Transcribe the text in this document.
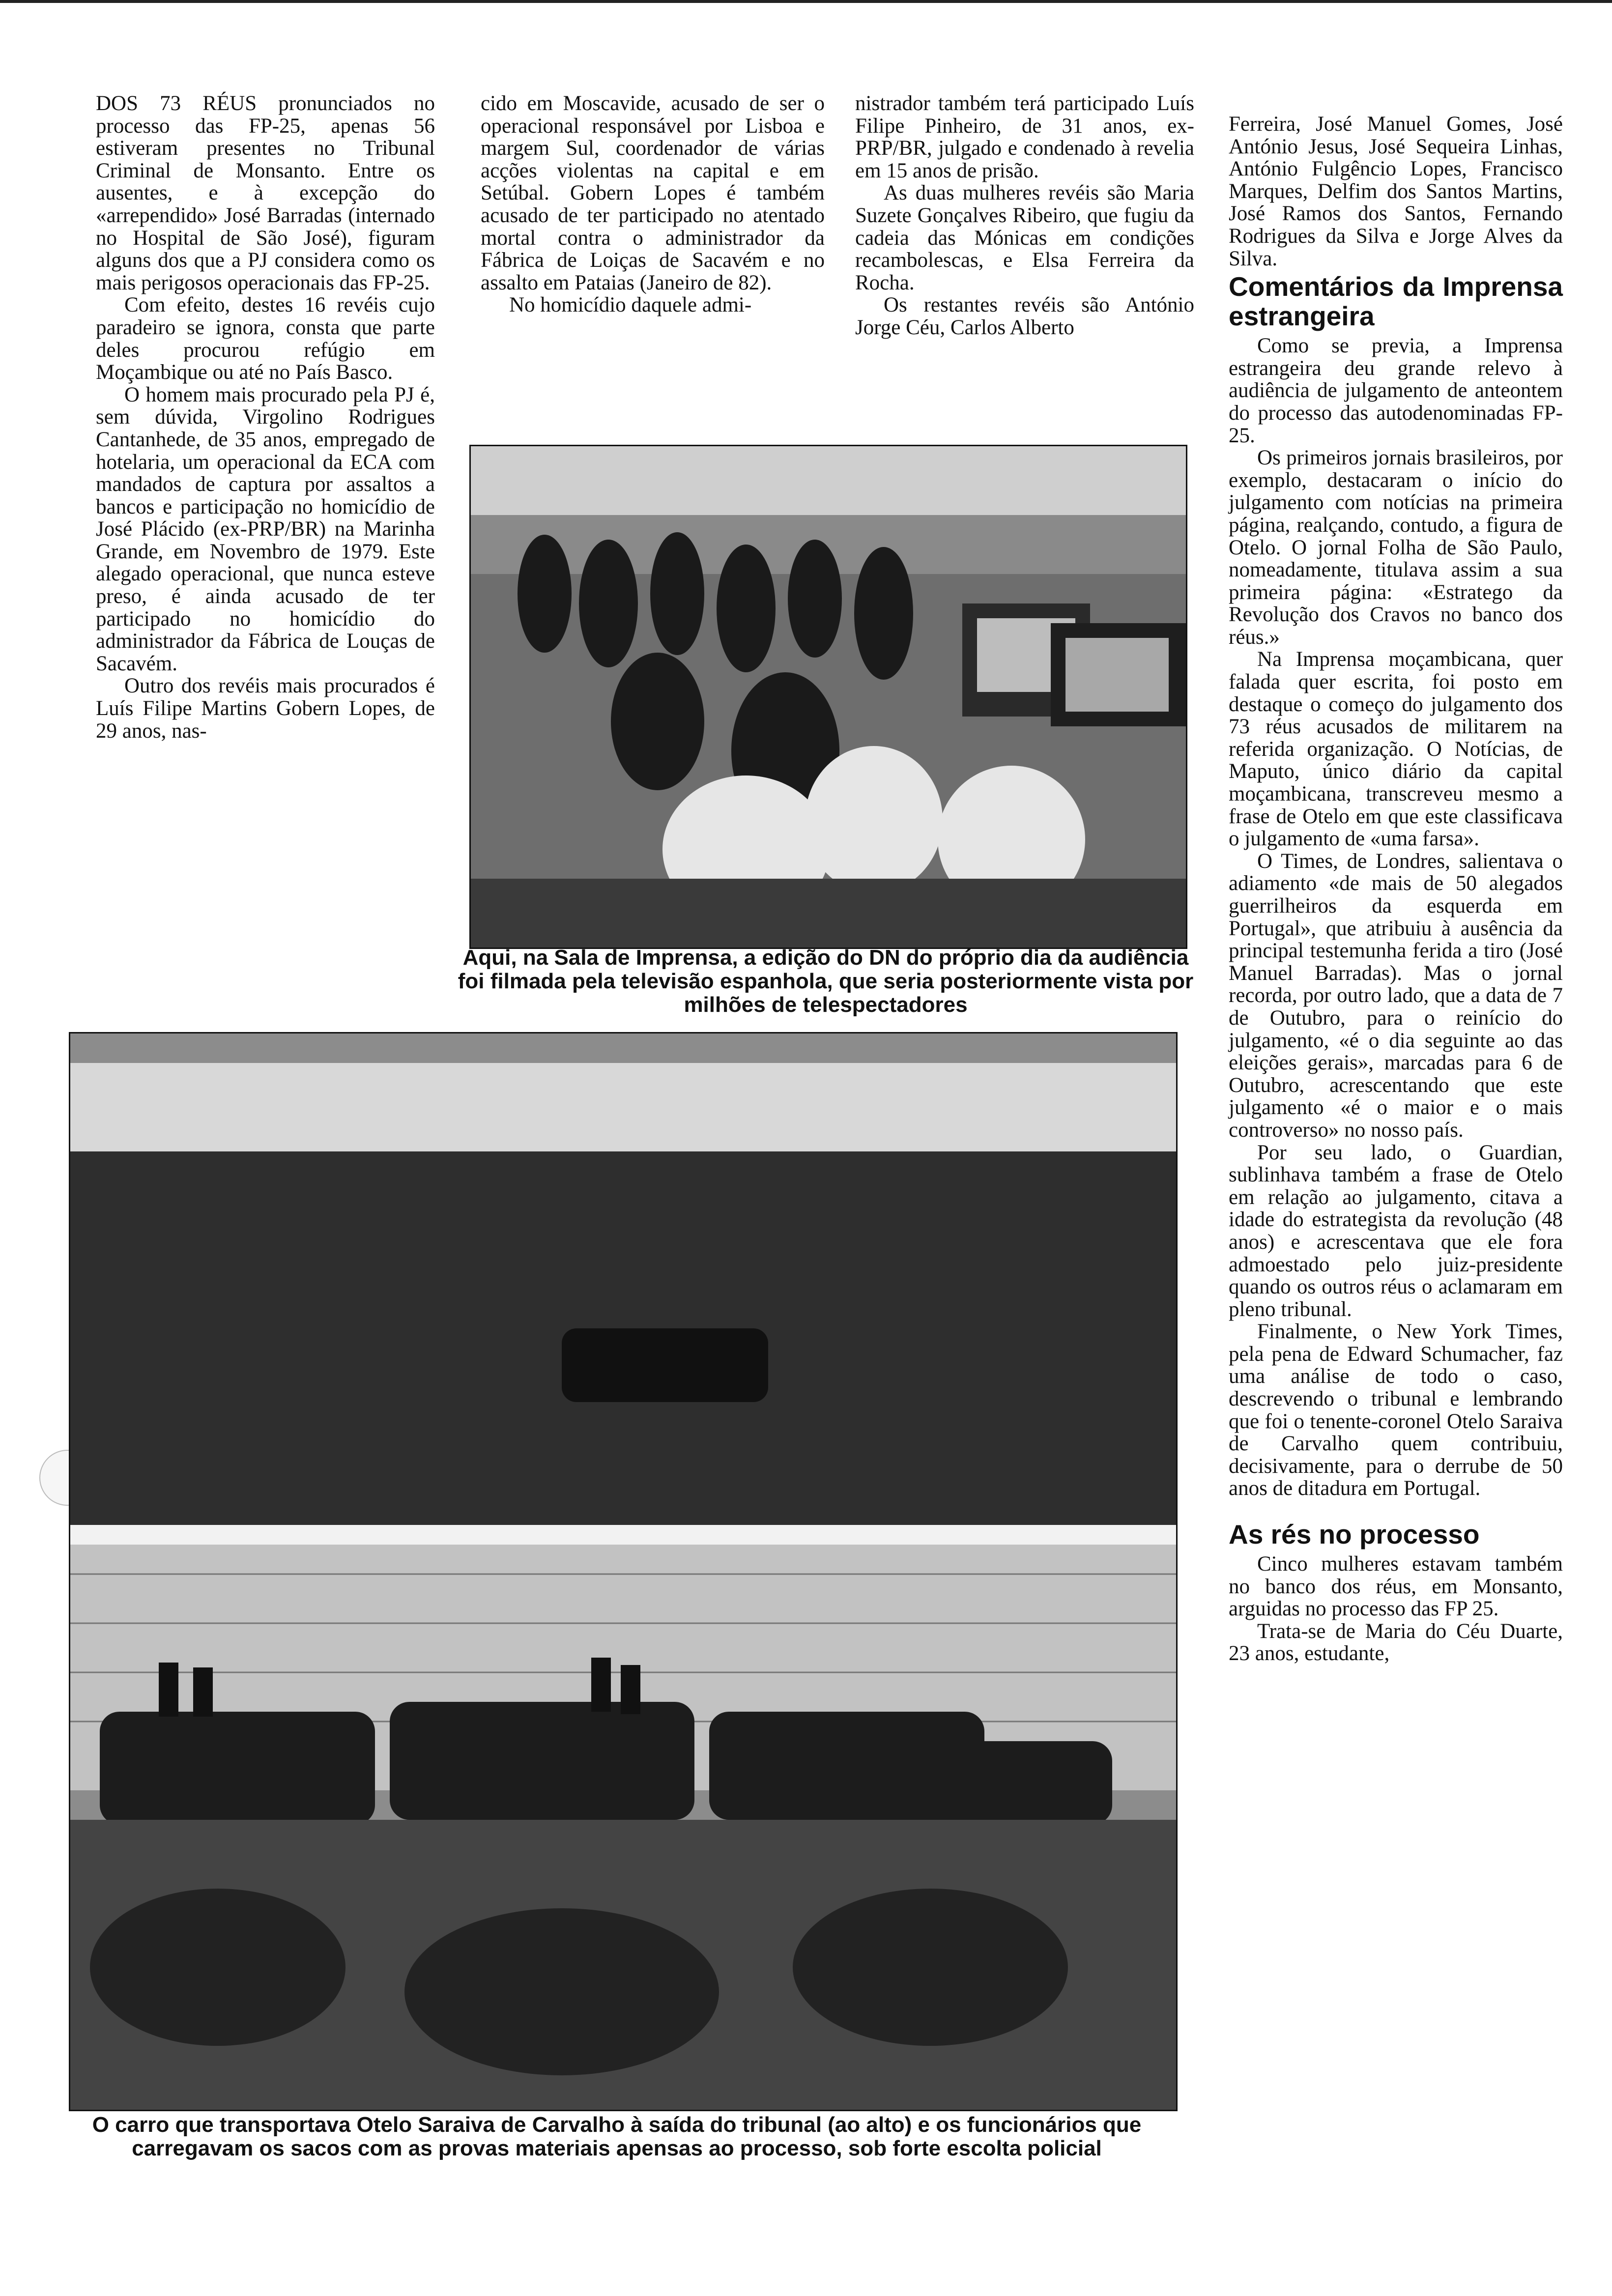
DOS 73 RÉUS pronunciados no processo das FP-25, apenas 56 estiveram presentes no Tribunal Criminal de Monsanto. Entre os ausentes, e à excepção do «arrependido» José Barradas (internado no Hospital de São José), figuram alguns dos que a PJ considera como os mais perigosos operacionais das FP-25.

Com efeito, destes 16 revéis cujo paradeiro se ignora, consta que parte deles procurou refúgio em Moçambique ou até no País Basco.

O homem mais procurado pela PJ é, sem dúvida, Virgolino Rodrigues Cantanhede, de 35 anos, empregado de hotelaria, um operacional da ECA com mandados de captura por assaltos a bancos e participação no homicídio de José Plácido (ex-PRP/BR) na Marinha Grande, em Novembro de 1979. Este alegado operacional, que nunca esteve preso, é ainda acusado de ter participado no homicídio do administrador da Fábrica de Louças de Sacavém.

Outro dos revéis mais procurados é Luís Filipe Martins Gobern Lopes, de 29 anos, nas-

cido em Moscavide, acusado de ser o operacional responsável por Lisboa e margem Sul, coordenador de várias acções violentas na capital e em Setúbal. Gobern Lopes é também acusado de ter participado no atentado mortal contra o administrador da Fábrica de Loiças de Sacavém e no assalto em Pataias (Janeiro de 82).

No homicídio daquele admi-

nistrador também terá participado Luís Filipe Pinheiro, de 31 anos, ex-PRP/BR, julgado e condenado à revelia em 15 anos de prisão.

As duas mulheres revéis são Maria Suzete Gonçalves Ribeiro, que fugiu da cadeia das Mónicas em condições recambolescas, e Elsa Ferreira da Rocha.

Os restantes revéis são António Jorge Céu, Carlos Alberto

Ferreira, José Manuel Gomes, José António Jesus, José Sequeira Linhas, António Fulgêncio Lopes, Francisco Marques, Delfim dos Santos Martins, José Ramos dos Santos, Fernando Rodrigues da Silva e Jorge Alves da Silva.

Comentários da Imprensa estrangeira

Como se previa, a Imprensa estrangeira deu grande relevo à audiência de julgamento de anteontem do processo das autodenominadas FP-25.

Os primeiros jornais brasileiros, por exemplo, destacaram o início do julgamento com notícias na primeira página, realçando, contudo, a figura de Otelo. O jornal Folha de São Paulo, nomeadamente, titulava assim a sua primeira página: «Estratego da Revolução dos Cravos no banco dos réus.»

Na Imprensa moçambicana, quer falada quer escrita, foi posto em destaque o começo do julgamento dos 73 réus acusados de militarem na referida organização. O Notícias, de Maputo, único diário da capital moçambicana, transcreveu mesmo a frase de Otelo em que este classificava o julgamento de «uma farsa».

O Times, de Londres, salientava o adiamento «de mais de 50 alegados guerrilheiros da esquerda em Portugal», que atribuiu à ausência da principal testemunha ferida a tiro (José Manuel Barradas). Mas o jornal recorda, por outro lado, que a data de 7 de Outubro, para o reinício do julgamento, «é o dia seguinte ao das eleições gerais», marcadas para 6 de Outubro, acrescentando que este julgamento «é o maior e o mais controverso» no nosso país.

Por seu lado, o Guardian, sublinhava também a frase de Otelo em relação ao julgamento, citava a idade do estrategista da revolução (48 anos) e acrescentava que ele fora admoestado pelo juiz-presidente quando os outros réus o aclamaram em pleno tribunal.

Finalmente, o New York Times, pela pena de Edward Schumacher, faz uma análise de todo o caso, descrevendo o tribunal e lembrando que foi o tenente-coronel Otelo Saraiva de Carvalho quem contribuiu, decisivamente, para o derrube de 50 anos de ditadura em Portugal.

As rés no processo

Cinco mulheres estavam também no banco dos réus, em Monsanto, arguidas no processo das FP 25.

Trata-se de Maria do Céu Duarte, 23 anos, estudante,

Aqui, na Sala de Imprensa, a edição do DN do próprio dia da audiência foi filmada pela televisão espanhola, que seria posteriormente vista por milhões de telespectadores
O carro que transportava Otelo Saraiva de Carvalho à saída do tribunal (ao alto) e os funcionários que carregavam os sacos com as provas materiais apensas ao processo, sob forte escolta policial
